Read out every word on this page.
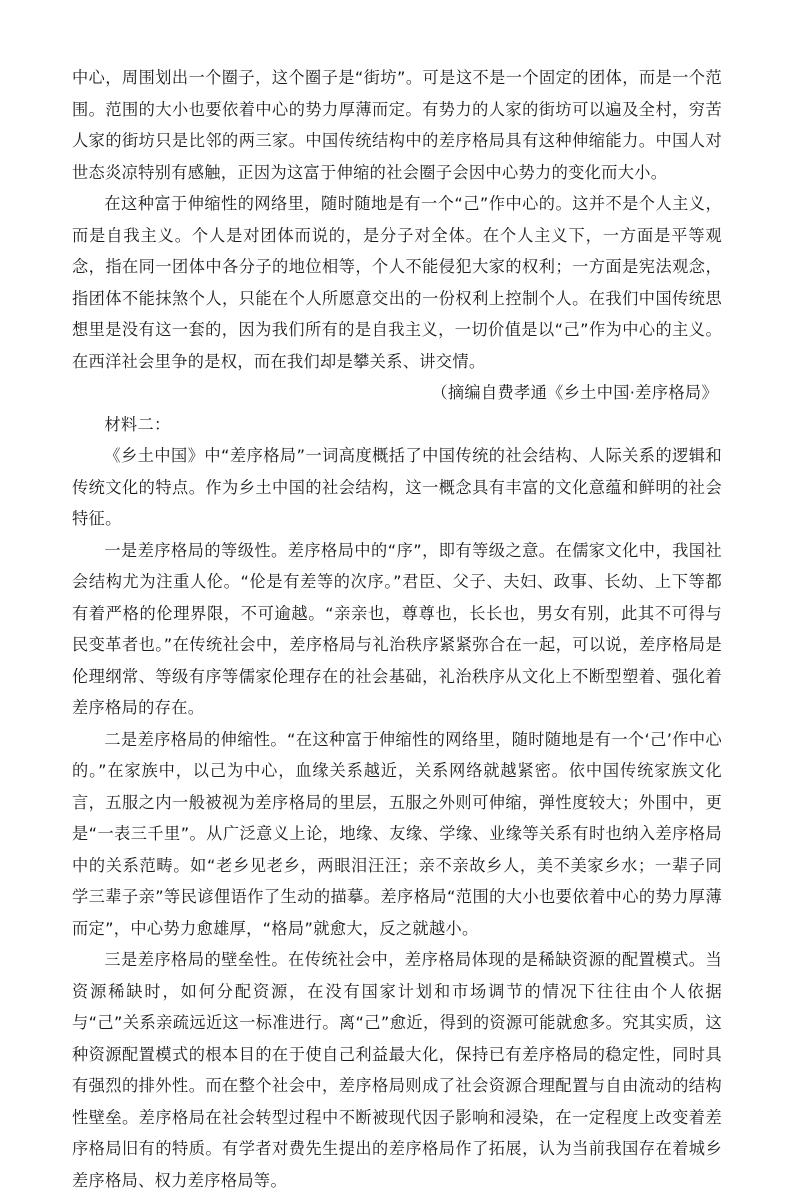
中心，周围划出一个圈子，这个圈子是“街坊”。可是这不是一个固定的团体，而是一个范围。范围的大小也要依着中心的势力厚薄而定。有势力的人家的街坊可以遍及全村，穷苦人家的街坊只是比邻的两三家。中国传统结构中的差序格局具有这种伸缩能力。中国人对世态炎凉特别有感触，正因为这富于伸缩的社会圈子会因中心势力的变化而大小。

在这种富于伸缩性的网络里，随时随地是有一个“己”作中心的。这并不是个人主义，而是自我主义。个人是对团体而说的，是分子对全体。在个人主义下，一方面是平等观念，指在同一团体中各分子的地位相等，个人不能侵犯大家的权利；一方面是宪法观念，指团体不能抹煞个人，只能在个人所愿意交出的一份权利上控制个人。在我们中国传统思想里是没有这一套的，因为我们所有的是自我主义，一切价值是以“己”作为中心的主义。在西洋社会里争的是权，而在我们却是攀关系、讲交情。

（摘编自费孝通《乡土中国·差序格局》

材料二：

《乡土中国》中“差序格局”一词高度概括了中国传统的社会结构、人际关系的逻辑和传统文化的特点。作为乡土中国的社会结构，这一概念具有丰富的文化意蕴和鲜明的社会特征。

一是差序格局的等级性。差序格局中的“序”，即有等级之意。在儒家文化中，我国社会结构尤为注重人伦。“伦是有差等的次序。”君臣、父子、夫妇、政事、长幼、上下等都有着严格的伦理界限，不可逾越。“亲亲也，尊尊也，长长也，男女有别，此其不可得与民变革者也。”在传统社会中，差序格局与礼治秩序紧紧弥合在一起，可以说，差序格局是伦理纲常、等级有序等儒家伦理存在的社会基础，礼治秩序从文化上不断型塑着、强化着差序格局的存在。

二是差序格局的伸缩性。“在这种富于伸缩性的网络里，随时随地是有一个‘己’作中心的。”在家族中，以己为中心，血缘关系越近，关系网络就越紧密。依中国传统家族文化言，五服之内一般被视为差序格局的里层，五服之外则可伸缩，弹性度较大；外围中，更是“一表三千里”。从广泛意义上论，地缘、友缘、学缘、业缘等关系有时也纳入差序格局中的关系范畴。如“老乡见老乡，两眼泪汪汪；亲不亲故乡人，美不美家乡水；一辈子同学三辈子亲”等民谚俚语作了生动的描摹。差序格局“范围的大小也要依着中心的势力厚薄而定”，中心势力愈雄厚，“格局”就愈大，反之就越小。

三是差序格局的壁垒性。在传统社会中，差序格局体现的是稀缺资源的配置模式。当资源稀缺时，如何分配资源，在没有国家计划和市场调节的情况下往往由个人依据与“己”关系亲疏远近这一标准进行。离“己”愈近，得到的资源可能就愈多。究其实质，这种资源配置模式的根本目的在于使自己利益最大化，保持已有差序格局的稳定性，同时具有强烈的排外性。而在整个社会中，差序格局则成了社会资源合理配置与自由流动的结构性壁垒。差序格局在社会转型过程中不断被现代因子影响和浸染，在一定程度上改变着差序格局旧有的特质。有学者对费先生提出的差序格局作了拓展，认为当前我国存在着城乡差序格局、权力差序格局等。
